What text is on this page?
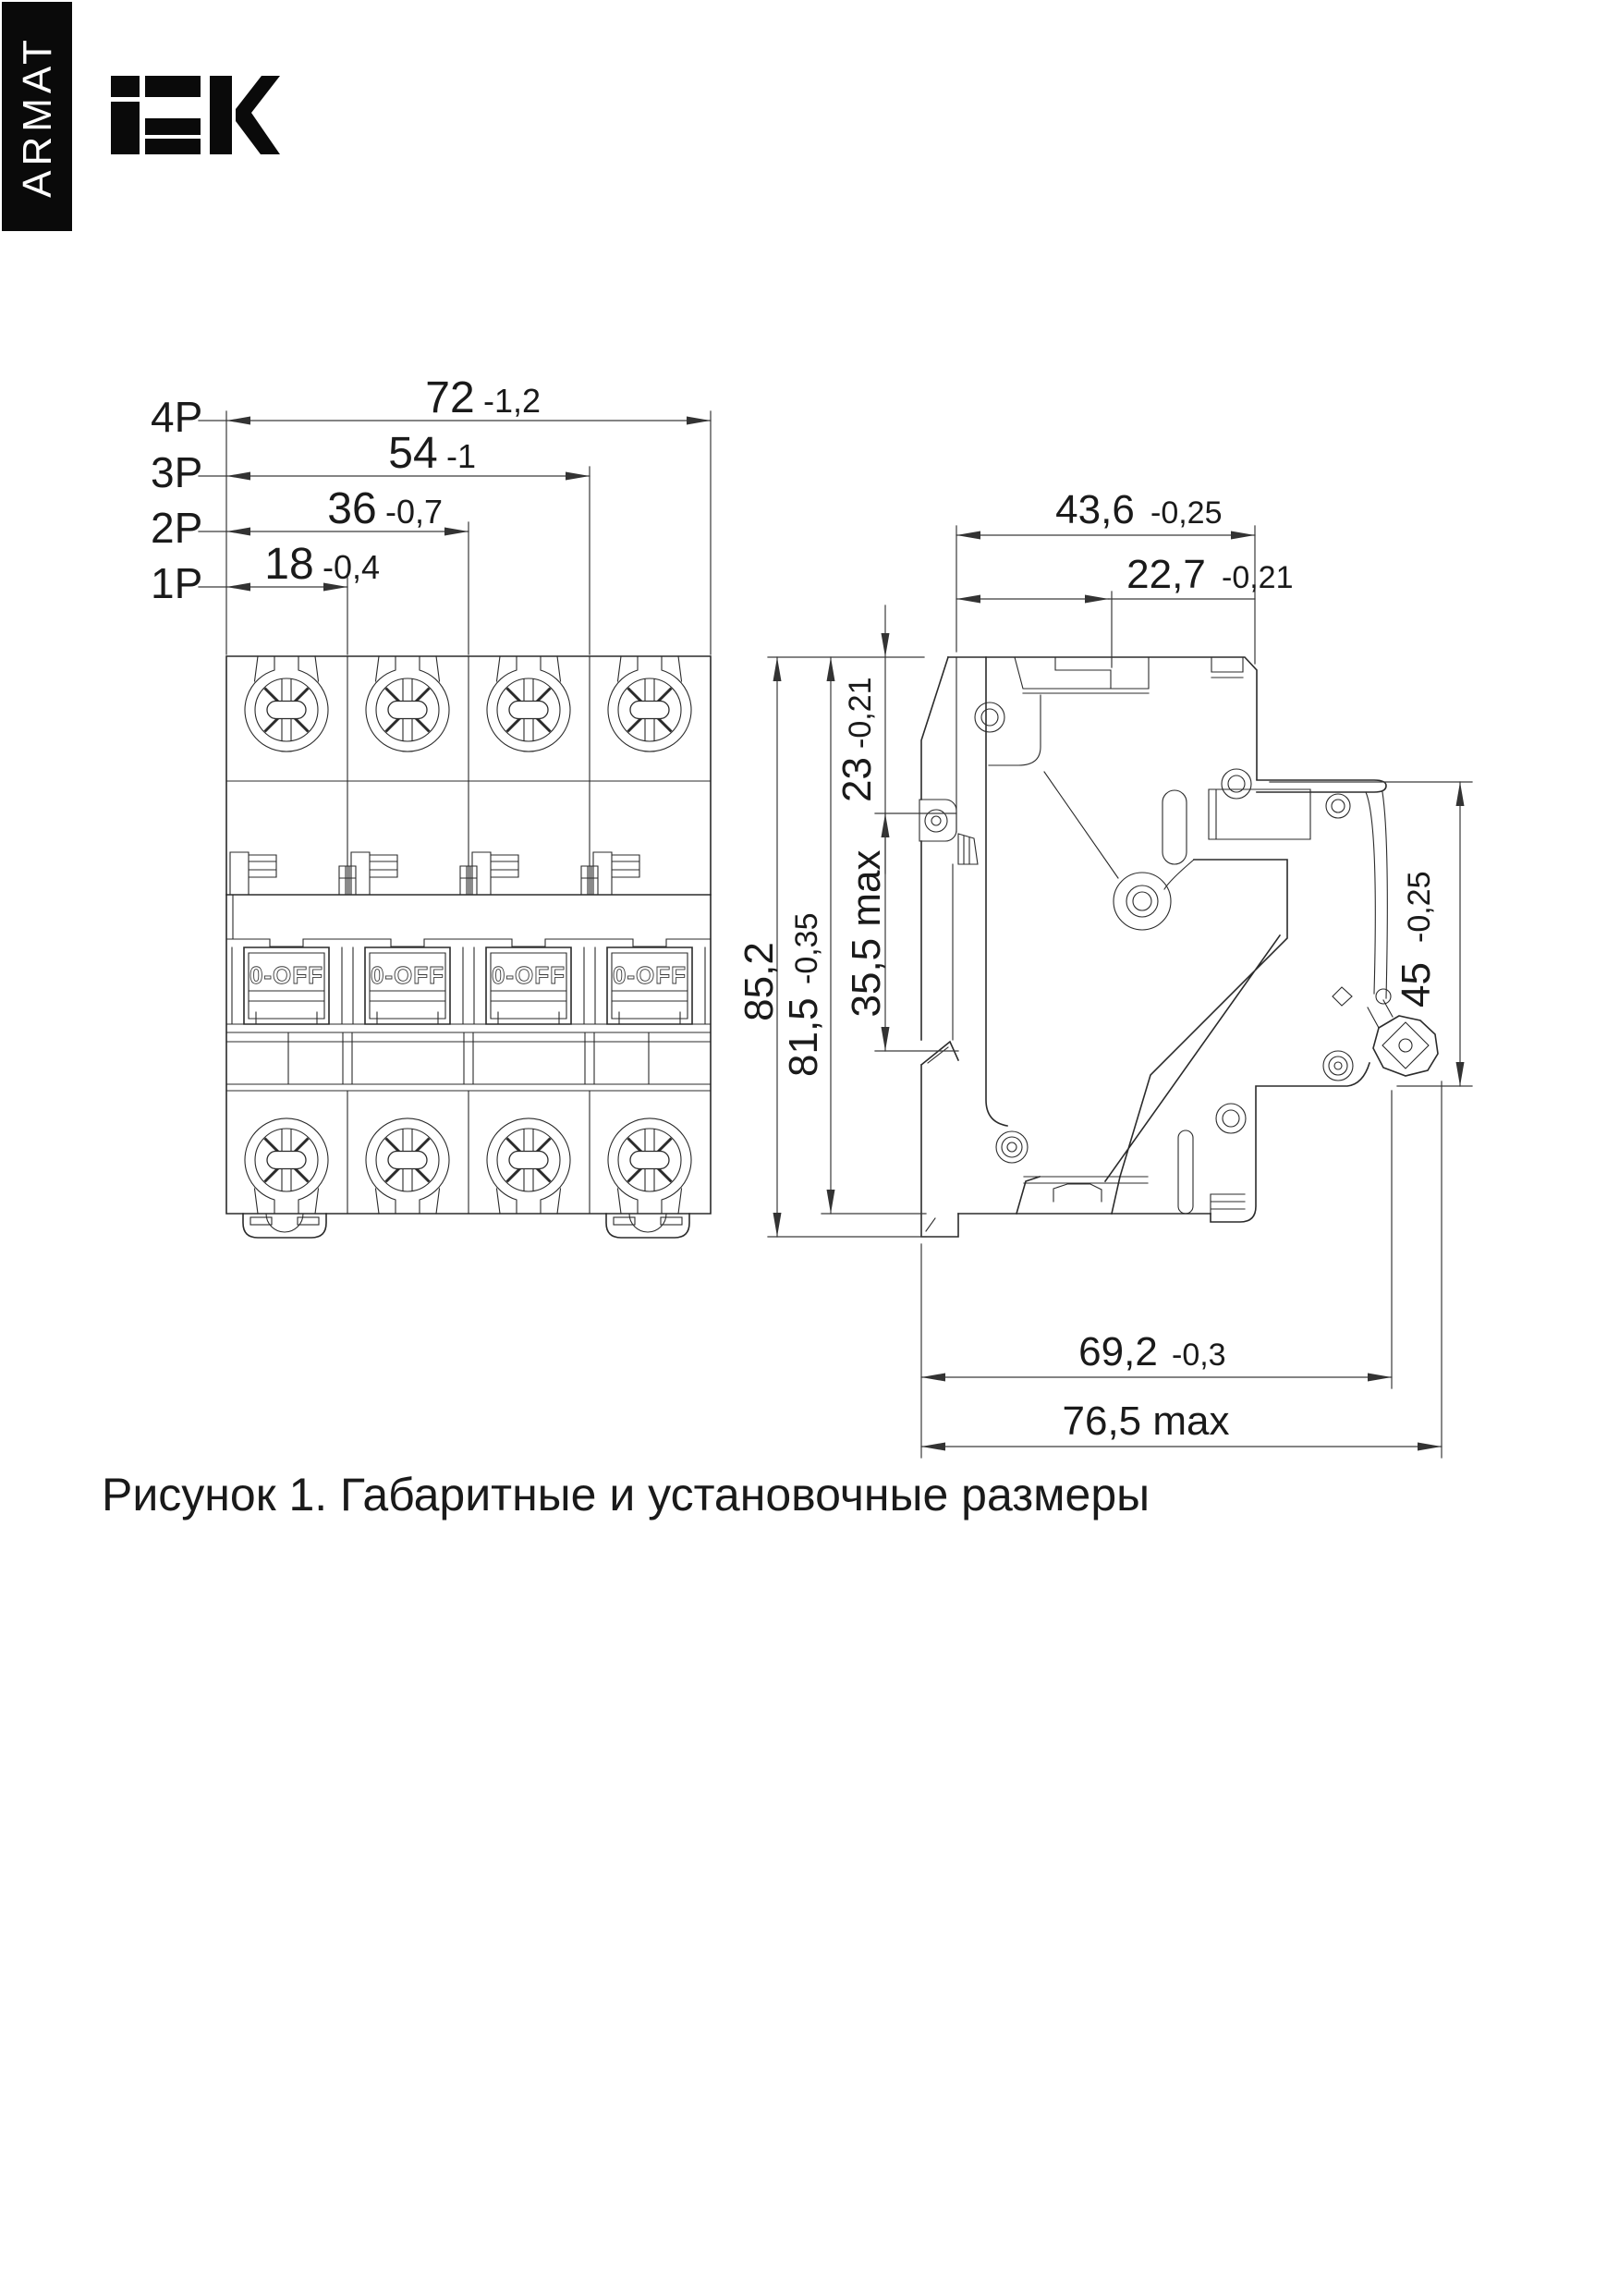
ARMAT
0-OFF 0-OFF 0-OFF 0-OFF
4P	72 -1,2
3P	54 -1
2P	36 -0,7
1P 18 -0,4
43,6 -0,25
22,7 -0,21
23
-0,21
35,5 max
81,5
-0,35
85,2	45
-0,25
69,2 -0,3
76,5 max
Рисунок 1. Габаритные и установочные размеры
